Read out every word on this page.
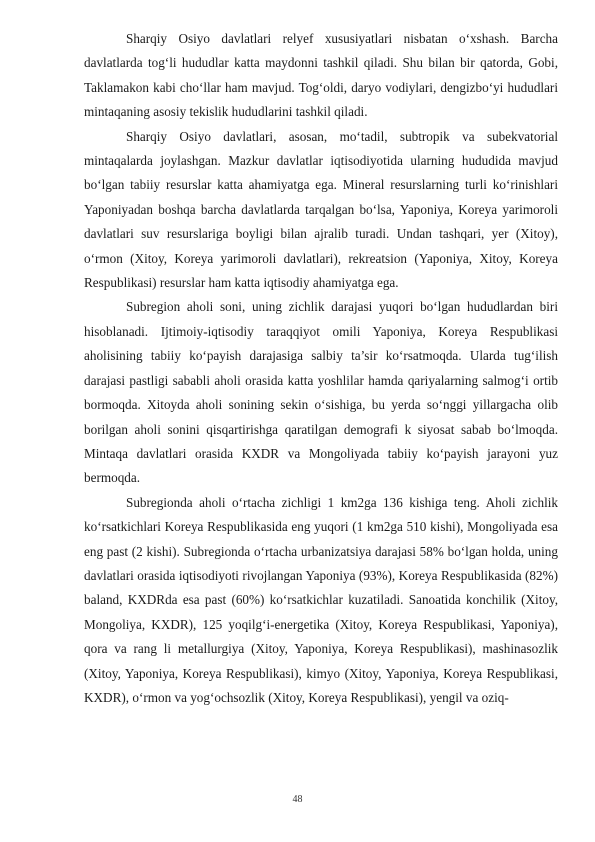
Sharqiy Osiyo davlatlari relyef xususiyatlari nisbatan o‘xshash. Barcha davlatlarda tog‘li hududlar katta maydonni tashkil qiladi. Shu bilan bir qatorda, Gobi, Taklamakon kabi cho‘llar ham mavjud. Tog‘oldi, daryo vodiylari, dengizbo‘yi hududlari mintaqaning asosiy tekislik hududlarini tashkil qiladi.

Sharqiy Osiyo davlatlari, asosan, mo‘tadil, subtropik va subekvatorial mintaqalarda joylashgan. Mazkur davlatlar iqtisodiyotida ularning hududida mavjud bo‘lgan tabiiy resurslar katta ahamiyatga ega. Mineral resurslarning turli ko‘rinishlari Yaponiyadan boshqa barcha davlatlarda tarqalgan bo‘lsa, Yaponiya, Koreya yarimoroli davlatlari suv resurslariga boyligi bilan ajralib turadi. Undan tashqari, yer (Xitoy), o‘rmon (Xitoy, Koreya yarimoroli davlatlari), rekreatsion (Yaponiya, Xitoy, Koreya Respublikasi) resurslar ham katta iqtisodiy ahamiyatga ega.

Subregion aholi soni, uning zichlik darajasi yuqori bo‘lgan hududlardan biri hisoblanadi. Ijtimoiy-iqtisodiy taraqqiyot omili Yaponiya, Koreya Respublikasi aholisining tabiiy ko‘payish darajasiga salbiy ta’sir ko‘rsatmoqda. Ularda tug‘ilish darajasi pastligi sababli aholi orasida katta yoshlilar hamda qariyalarning salmog‘i ortib bormoqda. Xitoyda aholi sonining sekin o‘sishiga, bu yerda so‘nggi yillargacha olib borilgan aholi sonini qisqartirishga qaratilgan demografi k siyosat sabab bo‘lmoqda. Mintaqa davlatlari orasida KXDR va Mongoliyada tabiiy ko‘payish jarayoni yuz bermoqda.

Subregionda aholi o‘rtacha zichligi 1 km2ga 136 kishiga teng. Aholi zichlik ko‘rsatkichlari Koreya Respublikasida eng yuqori (1 km2ga 510 kishi), Mongoliyada esa eng past (2 kishi). Subregionda o‘rtacha urbanizatsiya darajasi 58% bo‘lgan holda, uning davlatlari orasida iqtisodiyoti rivojlangan Yaponiya (93%), Koreya Respublikasida (82%) baland, KXDRda esa past (60%) ko‘rsatkichlar kuzatiladi. Sanoatida konchilik (Xitoy, Mongoliya, KXDR), 125 yoqilg‘i-energetika (Xitoy, Koreya Respublikasi, Yaponiya), qora va rang li metallurgiya (Xitoy, Yaponiya, Koreya Respublikasi), mashinasozlik (Xitoy, Yaponiya, Koreya Respublikasi), kimyo (Xitoy, Yaponiya, Koreya Respublikasi, KXDR), o‘rmon va yog‘ochsozlik (Xitoy, Koreya Respublikasi), yengil va oziq-

48
